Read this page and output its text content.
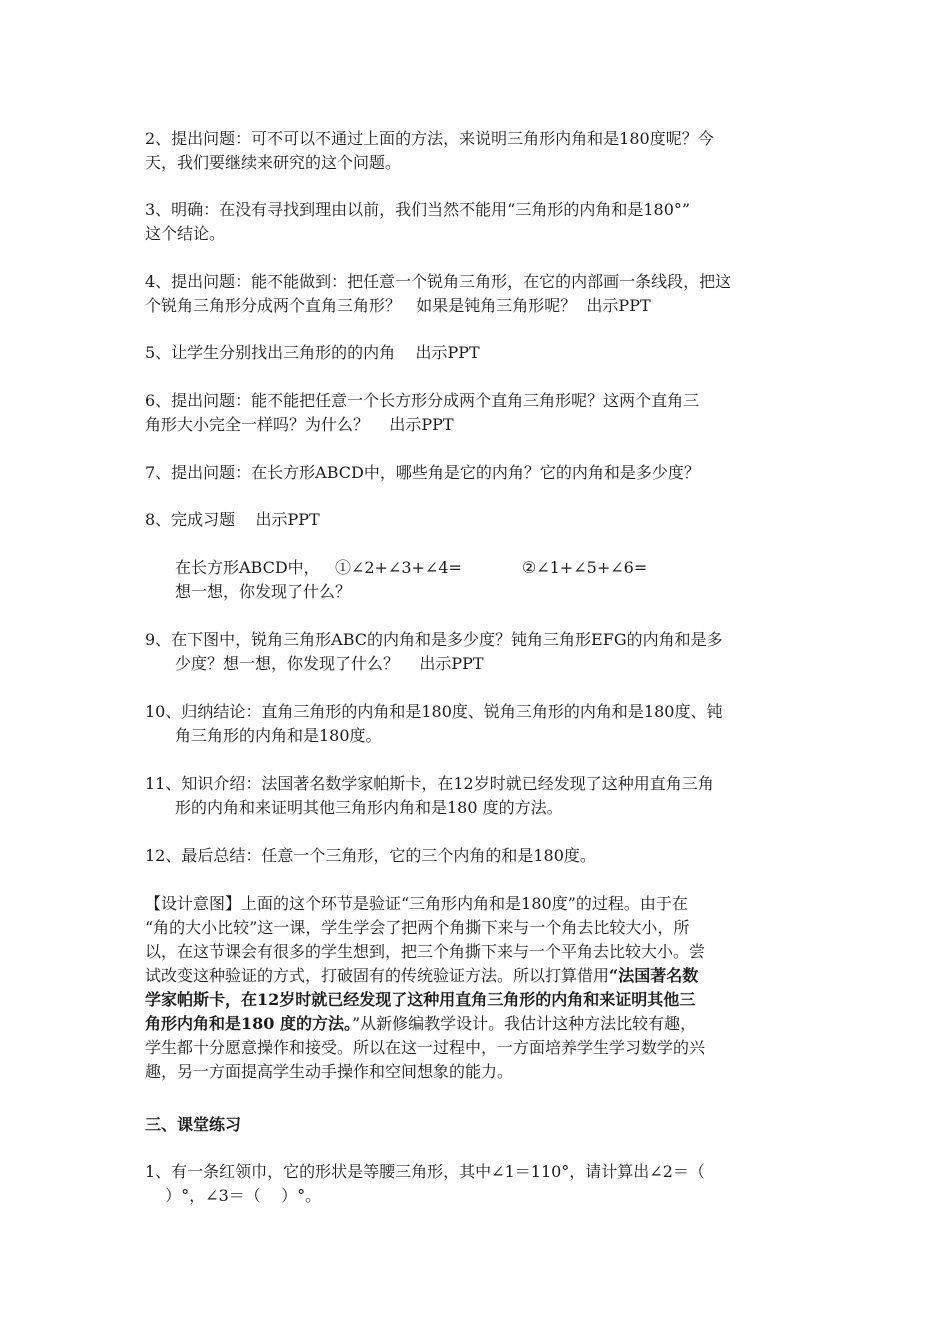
2、提出问题：可不可以不通过上面的方法，来说明三角形内角和是180度呢？今
天，我们要继续来研究的这个问题。
3、明确：在没有寻找到理由以前，我们当然不能用“三角形的内角和是180°”
这个结论。
4、提出问题：能不能做到：把任意一个锐角三角形，在它的内部画一条线段，把这
个锐角三角形分成两个直角三角形？   如果是钝角三角形呢？  出示PPT
5、让学生分别找出三角形的的内角    出示PPT
6、提出问题：能不能把任意一个长方形分成两个直角三角形呢？这两个直角三
角形大小完全一样吗？为什么？    出示PPT
7、提出问题：在长方形ABCD中，哪些角是它的内角？它的内角和是多少度？
8、完成习题    出示PPT
在长方形ABCD中，   ①∠2+∠3+∠4=	②∠1+∠5+∠6=
想一想，你发现了什么？
9、在下图中，锐角三角形ABC的内角和是多少度？钝角三角形EFG的内角和是多
少度？想一想，你发现了什么？    出示PPT
10、归纳结论：直角三角形的内角和是180度、锐角三角形的内角和是180度、钝
角三角形的内角和是180度。
11、知识介绍：法国著名数学家帕斯卡，在12岁时就已经发现了这种用直角三角
形的内角和来证明其他三角形内角和是180 度的方法。
12、最后总结：任意一个三角形，它的三个内角的和是180度。
【设计意图】上面的这个环节是验证“三角形内角和是180度”的过程。由于在
“角的大小比较”这一课，学生学会了把两个角撕下来与一个角去比较大小，所
以，在这节课会有很多的学生想到，把三个角撕下来与一个平角去比较大小。尝
试改变这种验证的方式，打破固有的传统验证方法。所以打算借用“法国著名数
学家帕斯卡，在12岁时就已经发现了这种用直角三角形的内角和来证明其他三
角形内角和是180 度的方法。”从新修编教学设计。我估计这种方法比较有趣，
学生都十分愿意操作和接受。所以在这一过程中，一方面培养学生学习数学的兴
趣，另一方面提高学生动手操作和空间想象的能力。
三、课堂练习
1、有一条红领巾，它的形状是等腰三角形，其中∠1＝110°，请计算出∠2＝（
）°，∠3＝（    ）°。
